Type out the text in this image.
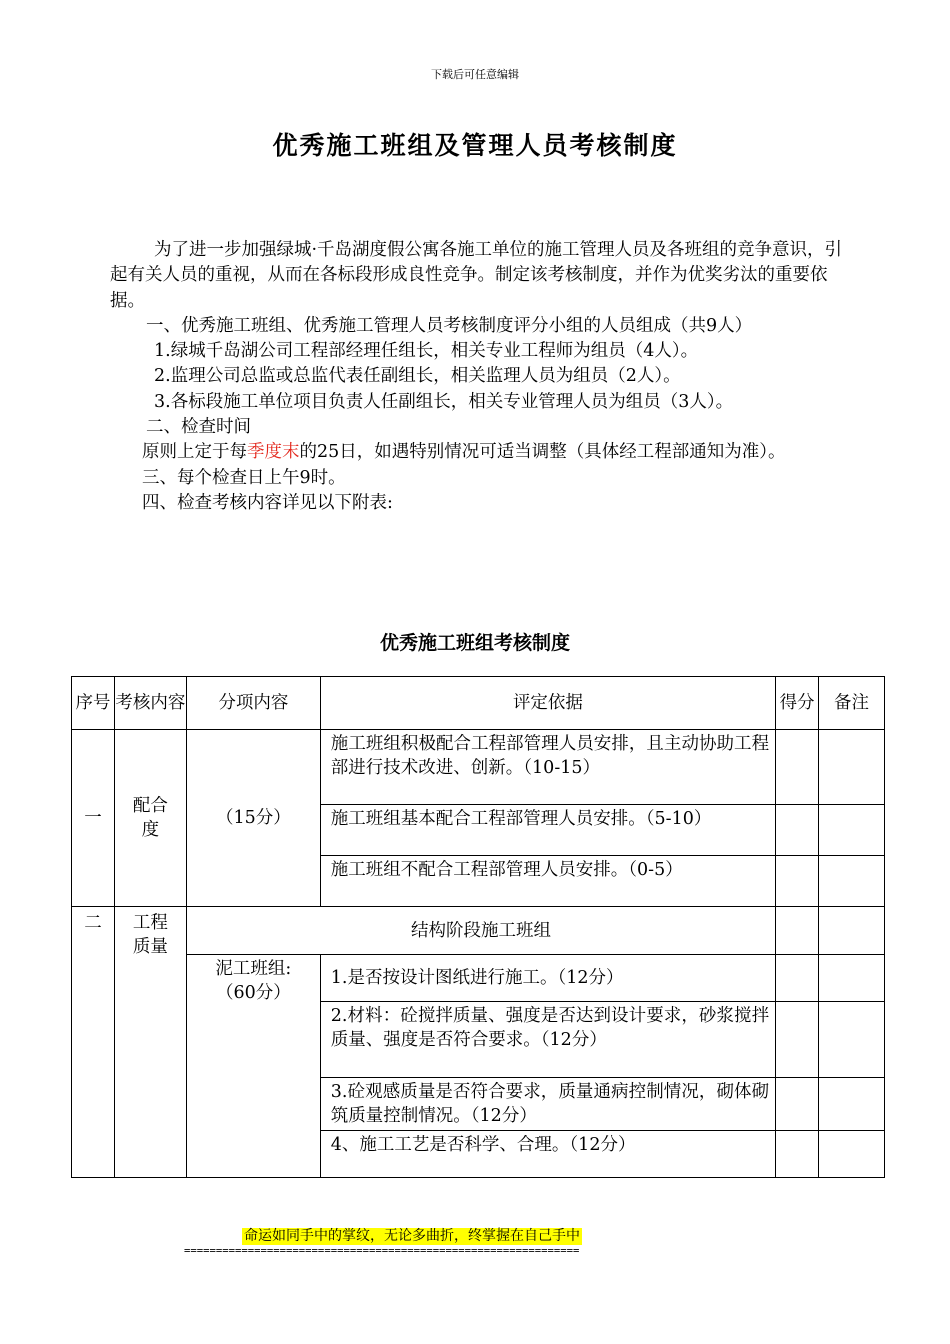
下载后可任意编辑
优秀施工班组及管理人员考核制度

为了进一步加强绿城·千岛湖度假公寓各施工单位的施工管理人员及各班组的竞争意识，引起有关人员的重视，从而在各标段形成良性竞争。制定该考核制度，并作为优奖劣汰的重要依据。

一、优秀施工班组、优秀施工管理人员考核制度评分小组的人员组成（共9人）

1.绿城千岛湖公司工程部经理任组长，相关专业工程师为组员（4人）。

2.监理公司总监或总监代表任副组长，相关监理人员为组员（2人）。

3.各标段施工单位项目负责人任副组长，相关专业管理人员为组员（3人）。

二、检查时间

原则上定于每季度末的25日，如遇特别情况可适当调整（具体经工程部通知为准）。

三、每个检查日上午9时。

四、检查考核内容详见以下附表:

优秀施工班组考核制度
序号	考核内容	分项内容	评定依据	得分	备注
一	配合度	（15分）	施工班组积极配合工程部管理人员安排，且主动协助工程部进行技术改进、创新。（10-15）		
			施工班组基本配合工程部管理人员安排。（5-10）		
			施工班组不配合工程部管理人员安排。（0-5）		
二	工程质量	结构阶段施工班组			
		泥工班组:（60分）	1.是否按设计图纸进行施工。（12分）		
			2.材料：砼搅拌质量、强度是否达到设计要求，砂浆搅拌质量、强度是否符合要求。（12分）		
			3.砼观感质量是否符合要求，质量通病控制情况，砌体砌筑质量控制情况。（12分）		
			4、施工工艺是否科学、合理。（12分）		
命运如同手中的掌纹，无论多曲折，终掌握在自己手中
==============================================================
